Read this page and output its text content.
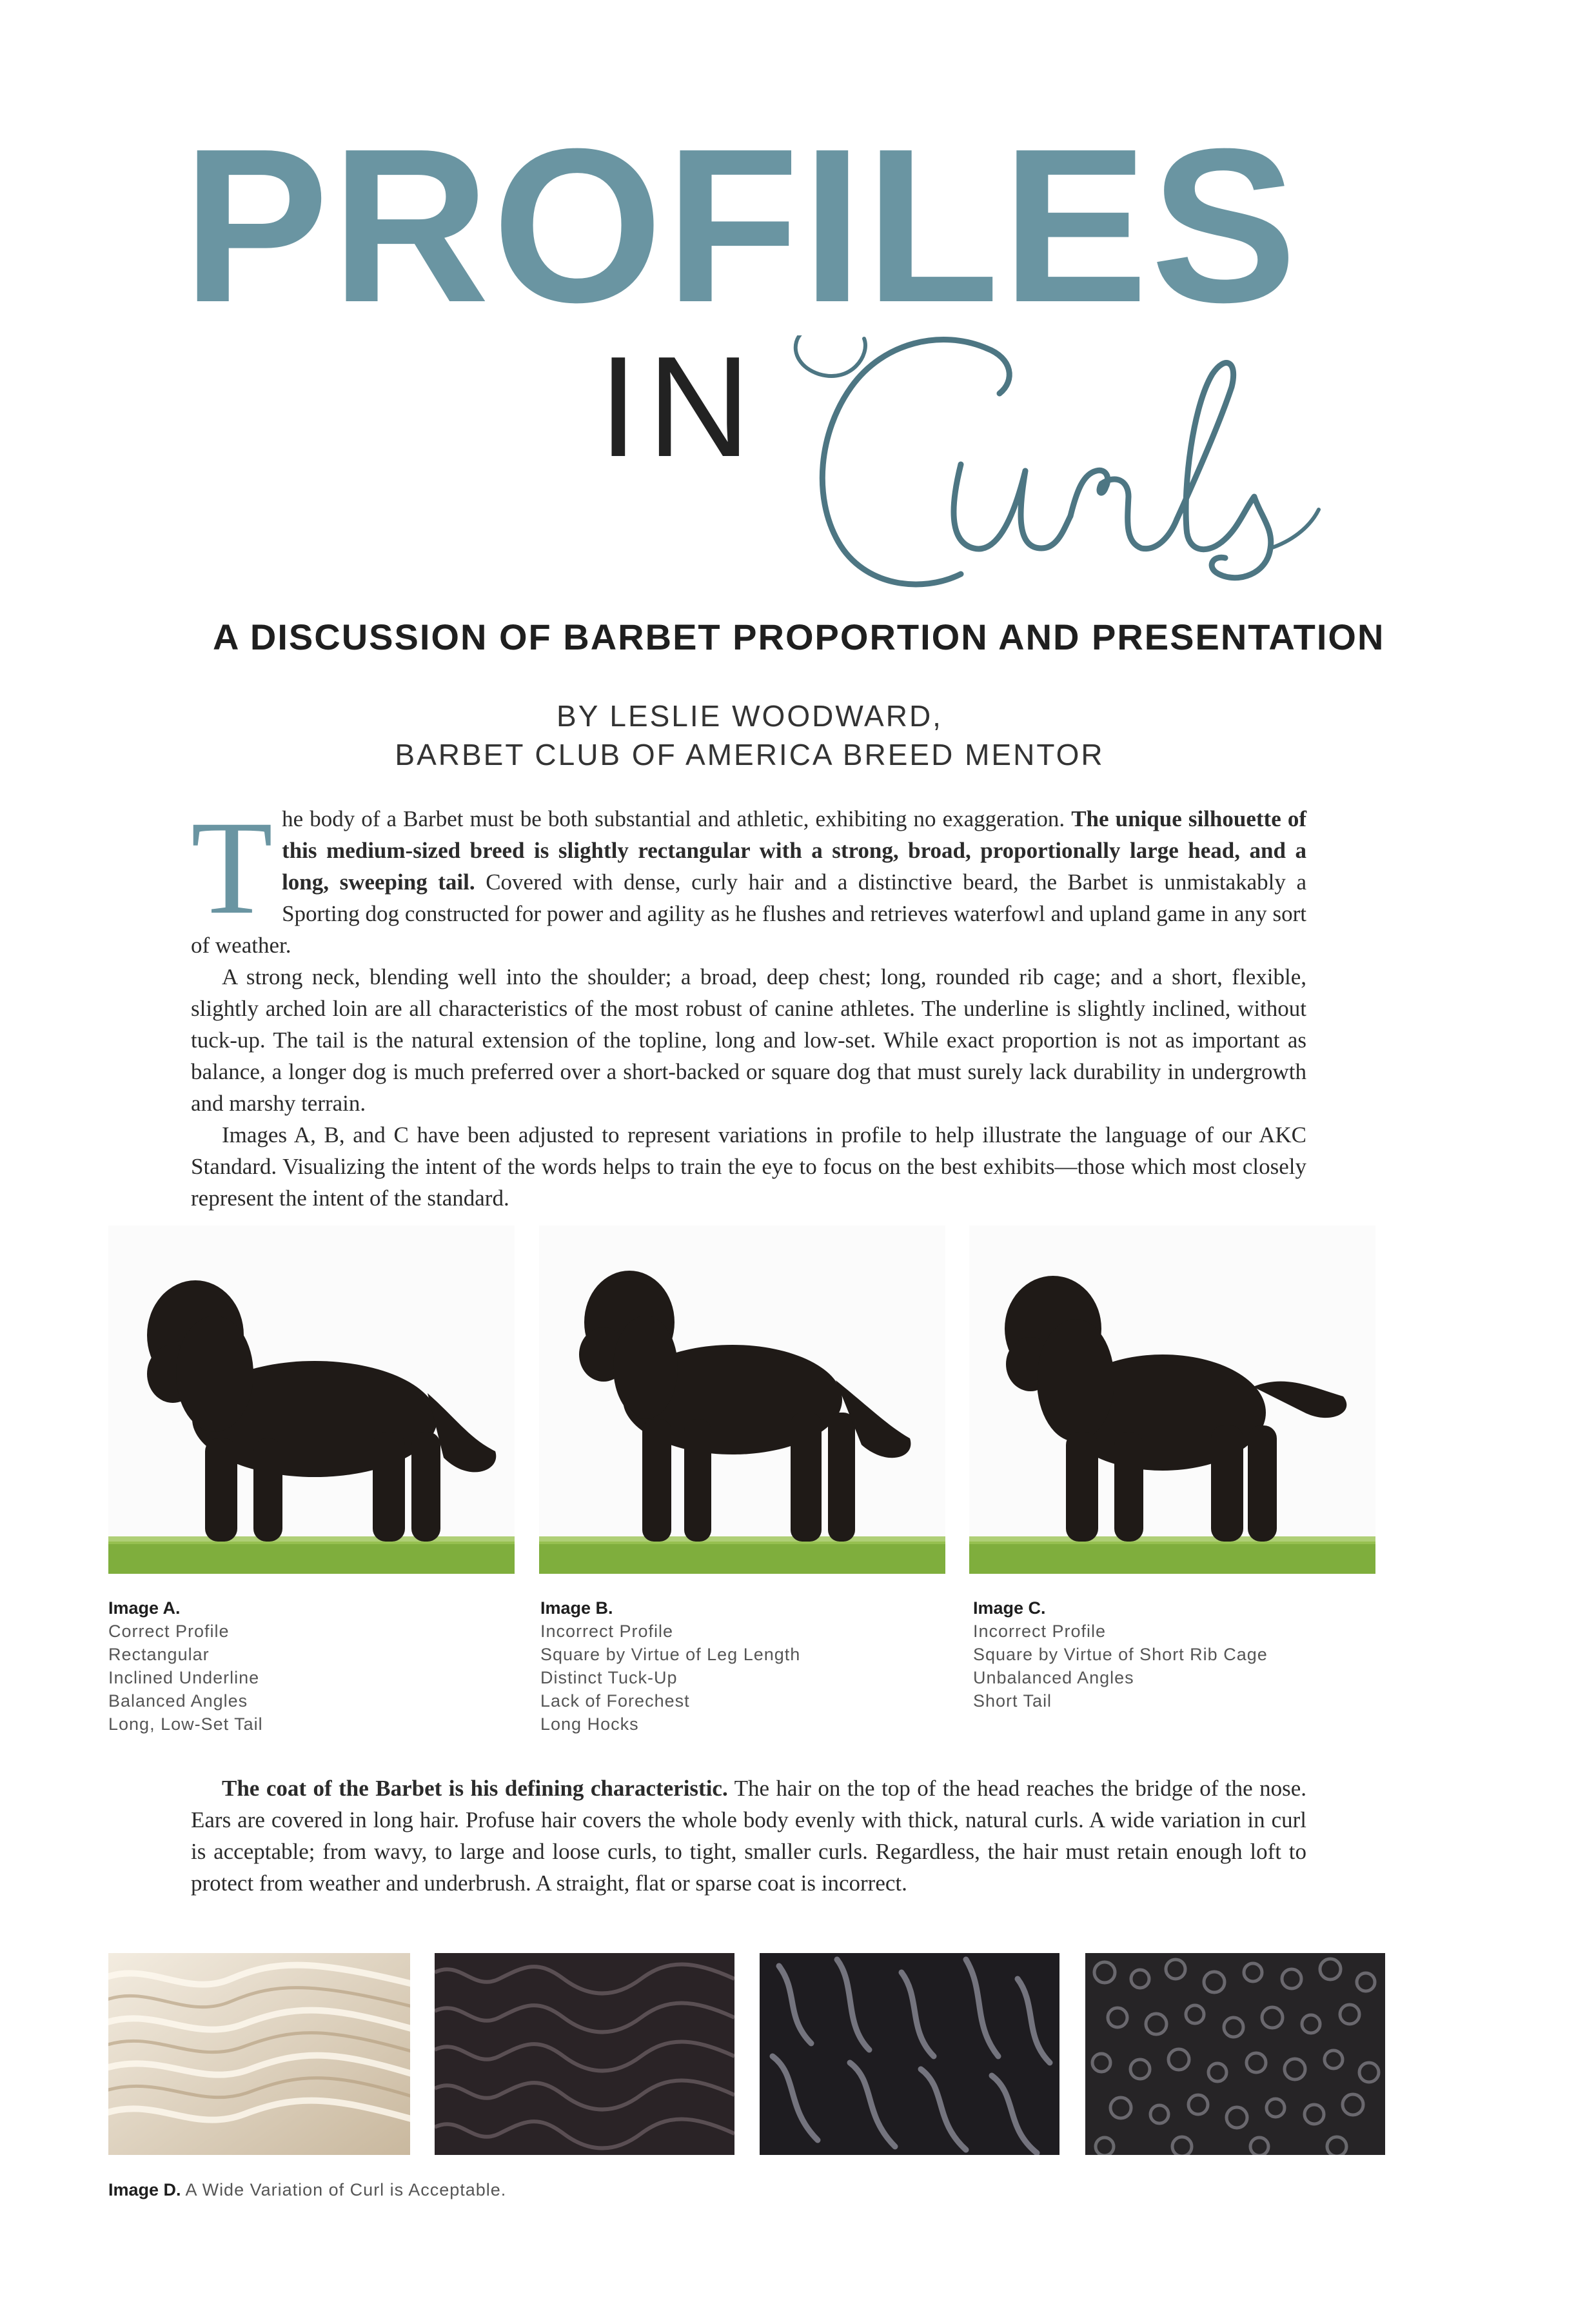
PROFILES
IN
A DISCUSSION OF BARBET PROPORTION AND PRESENTATION
BY LESLIE WOODWARD,
BARBET CLUB OF AMERICA BREED MENTOR

The body of a Barbet must be both substantial and athletic, exhibiting no exaggeration. The unique silhouette of this medium-sized breed is slightly rectangular with a strong, broad, proportionally large head, and a long, sweeping tail. Covered with dense, curly hair and a distinctive beard, the Barbet is unmistakably a Sporting dog constructed for power and agility as he flushes and retrieves waterfowl and upland game in any sort of weather.

A strong neck, blending well into the shoulder; a broad, deep chest; long, rounded rib cage; and a short, flexible, slightly arched loin are all characteristics of the most robust of canine athletes. The underline is slightly inclined, without tuck-up. The tail is the natural extension of the topline, long and low-set. While exact proportion is not as important as balance, a longer dog is much preferred over a short-backed or square dog that must surely lack durability in undergrowth and marshy terrain.

Images A, B, and C have been adjusted to represent variations in profile to help illustrate the language of our AKC Standard. Visualizing the intent of the words helps to train the eye to focus on the best exhibits—those which most closely represent the intent of the standard.

Image A.
Correct Profile
Rectangular
Inclined Underline
Balanced Angles
Long, Low-Set Tail
Image B.
Incorrect Profile
Square by Virtue of Leg Length
Distinct Tuck-Up
Lack of Forechest
Long Hocks
Image C.
Incorrect Profile
Square by Virtue of Short Rib Cage
Unbalanced Angles
Short Tail

The coat of the Barbet is his defining characteristic. The hair on the top of the head reaches the bridge of the nose. Ears are covered in long hair. Profuse hair covers the whole body evenly with thick, natural curls. A wide variation in curl is acceptable; from wavy, to large and loose curls, to tight, smaller curls. Regardless, the hair must retain enough loft to protect from weather and underbrush. A straight, flat or sparse coat is incorrect.

Image D. A Wide Variation of Curl is Acceptable.
